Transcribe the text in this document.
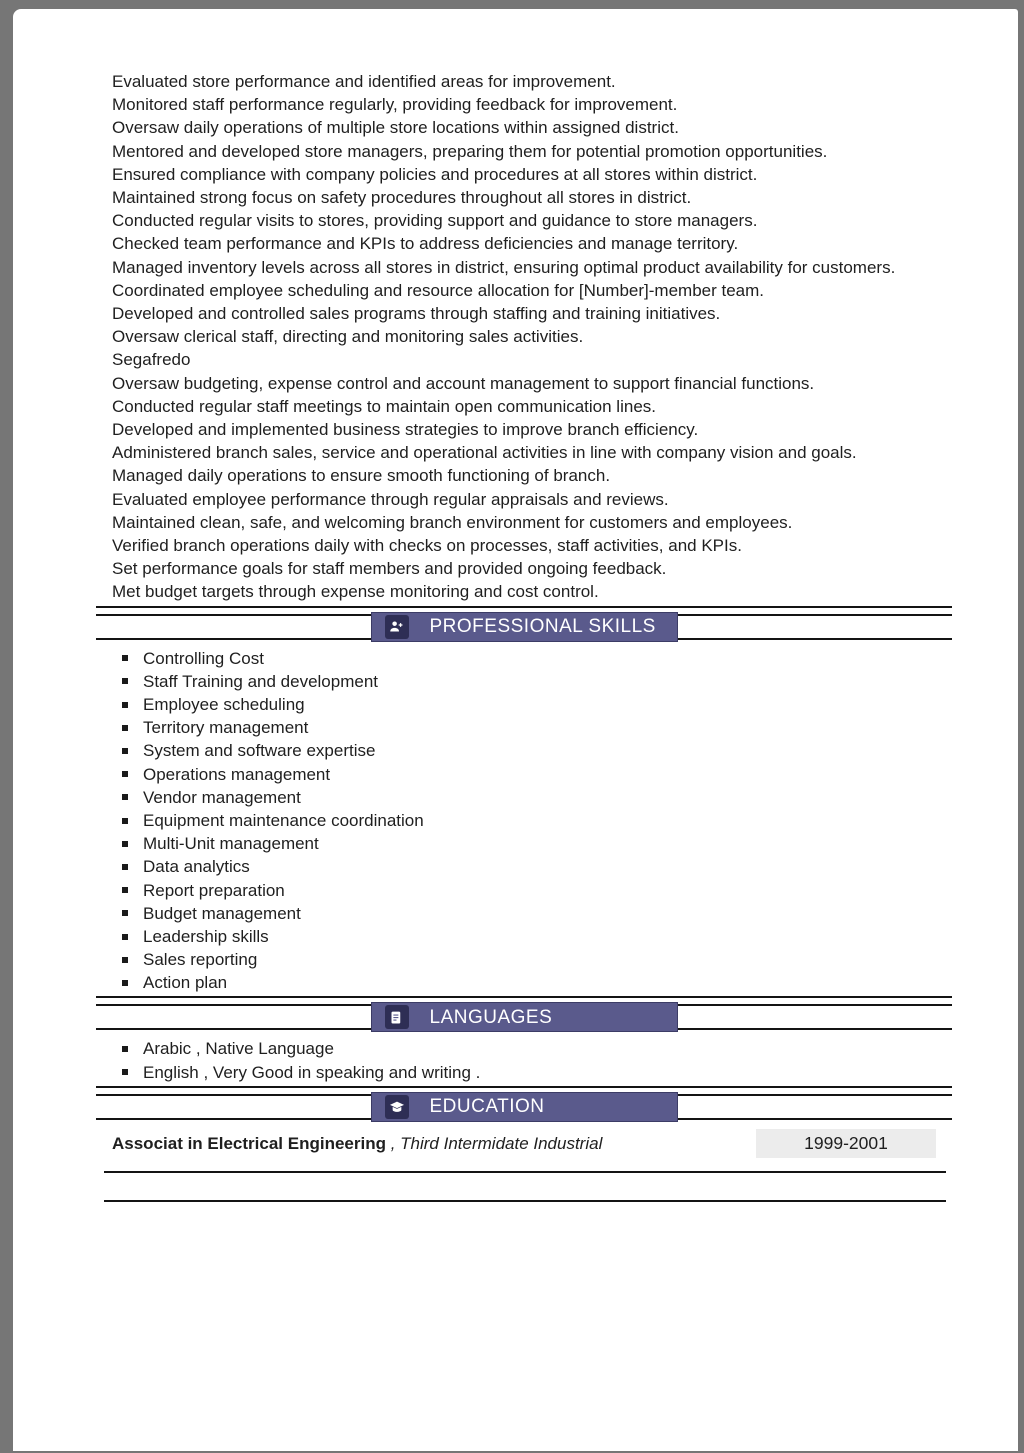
Evaluated store performance and identified areas for improvement.

Monitored staff performance regularly, providing feedback for improvement.

Oversaw daily operations of multiple store locations within assigned district.

Mentored and developed store managers, preparing them for potential promotion opportunities.

Ensured compliance with company policies and procedures at all stores within district.

Maintained strong focus on safety procedures throughout all stores in district.

Conducted regular visits to stores, providing support and guidance to store managers.

Checked team performance and KPIs to address deficiencies and manage territory.

Managed inventory levels across all stores in district, ensuring optimal product availability for customers.

Coordinated employee scheduling and resource allocation for [Number]-member team.

Developed and controlled sales programs through staffing and training initiatives.

Oversaw clerical staff, directing and monitoring sales activities.

Segafredo

Oversaw budgeting, expense control and account management to support financial functions.

Conducted regular staff meetings to maintain open communication lines.

Developed and implemented business strategies to improve branch efficiency.

Administered branch sales, service and operational activities in line with company vision and goals.

Managed daily operations to ensure smooth functioning of branch.

Evaluated employee performance through regular appraisals and reviews.

Maintained clean, safe, and welcoming branch environment for customers and employees.

Verified branch operations daily with checks on processes, staff activities, and KPIs.

Set performance goals for staff members and provided ongoing feedback.

Met budget targets through expense monitoring and cost control.

PROFESSIONAL SKILLS
Controlling Cost
Staff Training and development
Employee scheduling
Territory management
System and software expertise
Operations management
Vendor management
Equipment maintenance coordination
Multi-Unit management
Data analytics
Report preparation
Budget management
Leadership skills
Sales reporting
Action plan
LANGUAGES
Arabic , Native Language
English , Very Good in speaking and writing .
EDUCATION
Associat in Electrical Engineering , Third Intermidate Industrial	1999-2001
